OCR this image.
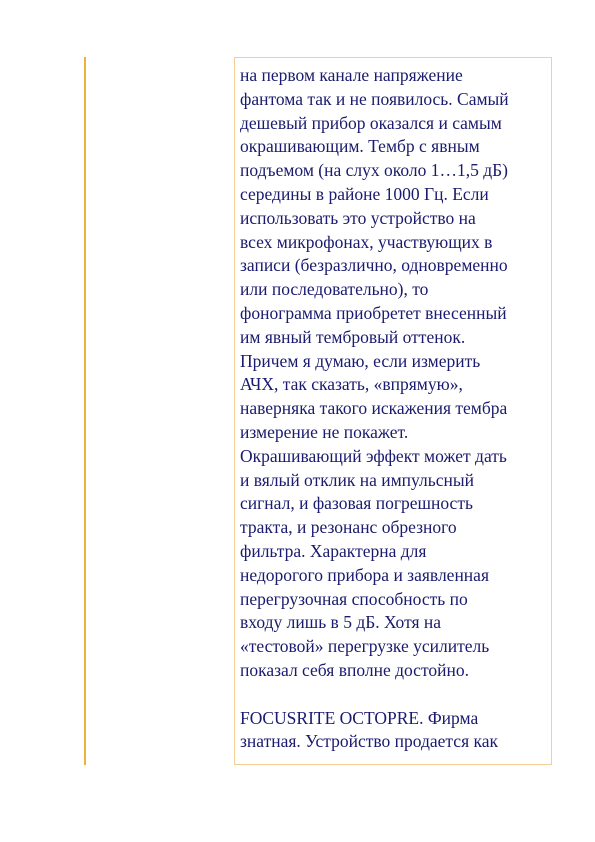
на первом канале напряжение
фантома так и не появилось. Самый
дешевый прибор оказался и самым
окрашивающим. Тембр с явным
подъемом (на слух около 1…1,5 дБ)
середины в районе 1000 Гц. Если
использовать это устройство на
всех микрофонах, участвующих в
записи (безразлично, одновременно
или последовательно), то
фонограмма приобретет внесенный
им явный тембровый оттенок.
Причем я думаю, если измерить
АЧХ, так сказать, «впрямую»,
наверняка такого искажения тембра
измерение не покажет.
Окрашивающий эффект может дать
и вялый отклик на импульсный
сигнал, и фазовая погрешность
тракта, и резонанс обрезного
фильтра. Характерна для
недорогого прибора и заявленная
перегрузочная способность по
входу лишь в 5 дБ. Хотя на
«тестовой» перегрузке усилитель
показал себя вполне достойно.

FOCUSRITE OCTOPRE. Фирма
знатная. Устройство продается как
